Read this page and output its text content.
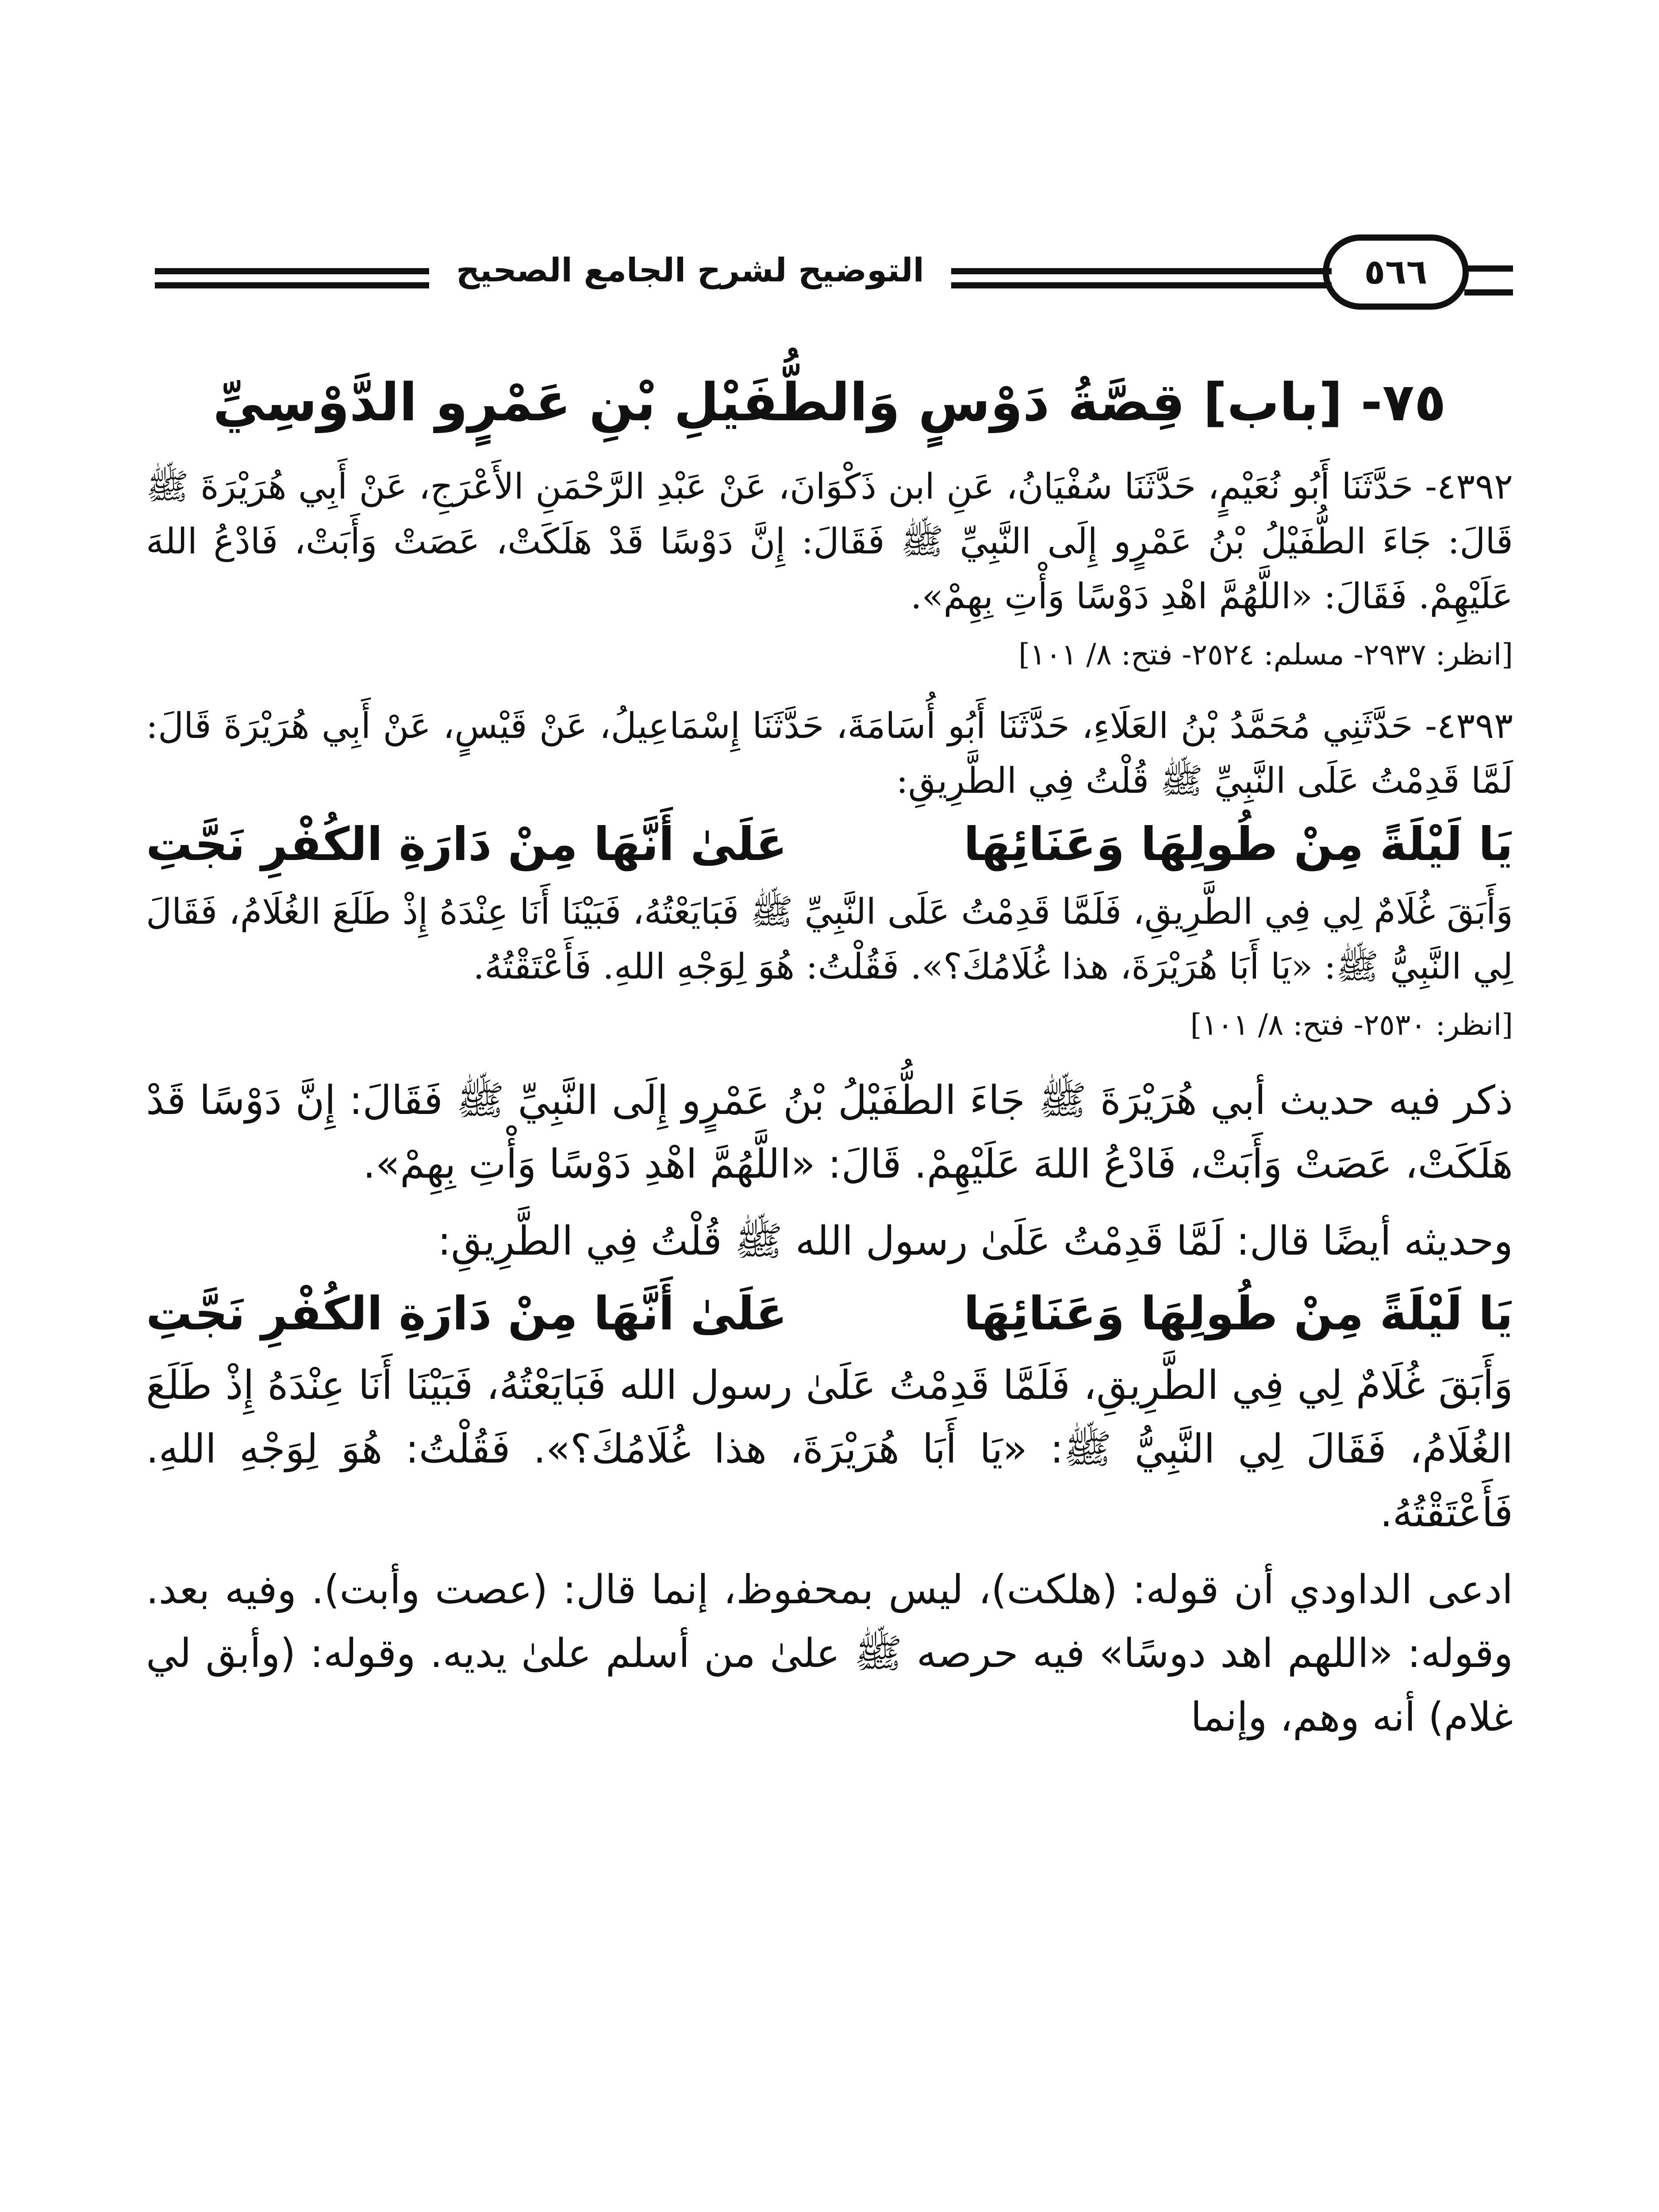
التوضيح لشرح الجامع الصحيح	٥٦٦
٧٥- [باب] قِصَّةُ دَوْسٍ وَالطُّفَيْلِ بْنِ عَمْرٍو الدَّوْسِيِّ

٤٣٩٢- حَدَّثَنَا أَبُو نُعَيْمٍ، حَدَّثَنَا سُفْيَانُ، عَنِ ابن ذَكْوَانَ، عَنْ عَبْدِ الرَّحْمَنِ الأَعْرَجِ، عَنْ أَبِي هُرَيْرَةَ ﷺ قَالَ: جَاءَ الطُّفَيْلُ بْنُ عَمْرٍو إِلَى النَّبِيِّ ﷺ فَقَالَ: إِنَّ دَوْسًا قَدْ هَلَكَتْ، عَصَتْ وَأَبَتْ، فَادْعُ اللهَ عَلَيْهِمْ. فَقَالَ: «اللَّهُمَّ اهْدِ دَوْسًا وَأْتِ بِهِمْ».

[انظر: ٢٩٣٧- مسلم: ٢٥٢٤- فتح: ٨/ ١٠١]

٤٣٩٣- حَدَّثَنِي مُحَمَّدُ بْنُ العَلَاءِ، حَدَّثَنَا أَبُو أُسَامَةَ، حَدَّثَنَا إِسْمَاعِيلُ، عَنْ قَيْسٍ، عَنْ أَبِي هُرَيْرَةَ قَالَ: لَمَّا قَدِمْتُ عَلَى النَّبِيِّ ﷺ قُلْتُ فِي الطَّرِيقِ:

يَا لَيْلَةً مِنْ طُولِهَا وَعَنَائِهَا
عَلَىٰ أَنَّهَا مِنْ دَارَةِ الكُفْرِ نَجَّتِ

وَأَبَقَ غُلَامٌ لِي فِي الطَّرِيقِ، فَلَمَّا قَدِمْتُ عَلَى النَّبِيِّ ﷺ فَبَايَعْتُهُ، فَبَيْنَا أَنَا عِنْدَهُ إِذْ طَلَعَ الغُلَامُ، فَقَالَ لِي النَّبِيُّ ﷺ: «يَا أَبَا هُرَيْرَةَ، هذا غُلَامُكَ؟». فَقُلْتُ: هُوَ لِوَجْهِ اللهِ. فَأَعْتَقْتُهُ.

[انظر: ٢٥٣٠- فتح: ٨/ ١٠١]

ذكر فيه حديث أبي هُرَيْرَةَ ﷺ جَاءَ الطُّفَيْلُ بْنُ عَمْرٍو إِلَى النَّبِيِّ ﷺ فَقَالَ: إِنَّ دَوْسًا قَدْ هَلَكَتْ، عَصَتْ وَأَبَتْ، فَادْعُ اللهَ عَلَيْهِمْ. قَالَ: «اللَّهُمَّ اهْدِ دَوْسًا وَأْتِ بِهِمْ».

وحديثه أيضًا قال: لَمَّا قَدِمْتُ عَلَىٰ رسول الله ﷺ قُلْتُ فِي الطَّرِيقِ:

يَا لَيْلَةً مِنْ طُولِهَا وَعَنَائِهَا
عَلَىٰ أَنَّهَا مِنْ دَارَةِ الكُفْرِ نَجَّتِ

وَأَبَقَ غُلَامٌ لِي فِي الطَّرِيقِ، فَلَمَّا قَدِمْتُ عَلَىٰ رسول الله فَبَايَعْتُهُ، فَبَيْنَا أَنَا عِنْدَهُ إِذْ طَلَعَ الغُلَامُ، فَقَالَ لِي النَّبِيُّ ﷺ: «يَا أَبَا هُرَيْرَةَ، هذا غُلَامُكَ؟». فَقُلْتُ: هُوَ لِوَجْهِ اللهِ. فَأَعْتَقْتُهُ.

ادعى الداودي أن قوله: (هلكت)، ليس بمحفوظ، إنما قال: (عصت وأبت). وفيه بعد. وقوله: «اللهم اهد دوسًا» فيه حرصه ﷺ علىٰ من أسلم علىٰ يديه. وقوله: (وأبق لي غلام) أنه وهم، وإنما
